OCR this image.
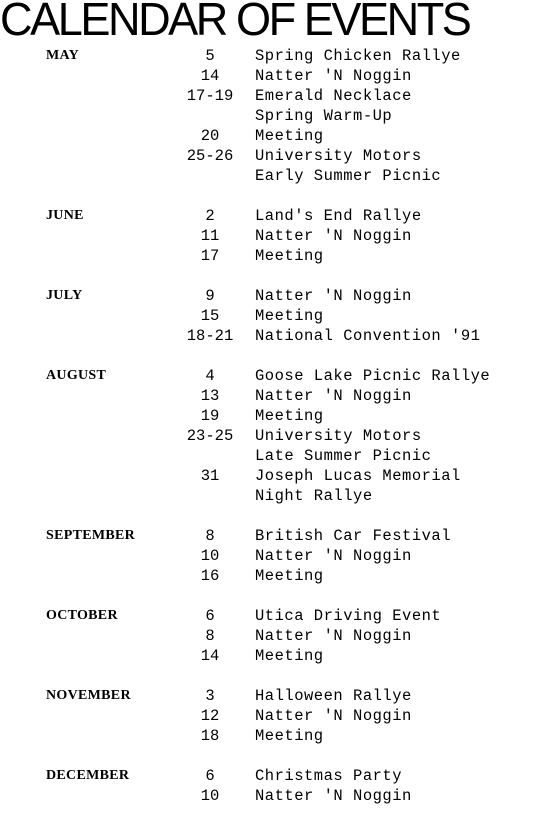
CALENDAR OF EVENTS
MAY	5	Spring Chicken Rallye
14	Natter 'N Noggin
17-19 Emerald Necklace
Spring Warm-Up
20	Meeting
25-26 University Motors
Early Summer Picnic
JUNE	2	Land's End Rallye
11	Natter 'N Noggin
17	Meeting
JULY	9	Natter 'N Noggin
15	Meeting
18-21 National Convention '91
AUGUST	4	Goose Lake Picnic Rallye
13	Natter 'N Noggin
19	Meeting
23-25 University Motors
Late Summer Picnic
31	Joseph Lucas Memorial
Night Rallye
SEPTEMBER	8	British Car Festival
10	Natter 'N Noggin
16	Meeting
OCTOBER	6	Utica Driving Event
8	Natter 'N Noggin
14	Meeting
NOVEMBER	3	Halloween Rallye
12	Natter 'N Noggin
18	Meeting
DECEMBER	6	Christmas Party
10	Natter 'N Noggin
